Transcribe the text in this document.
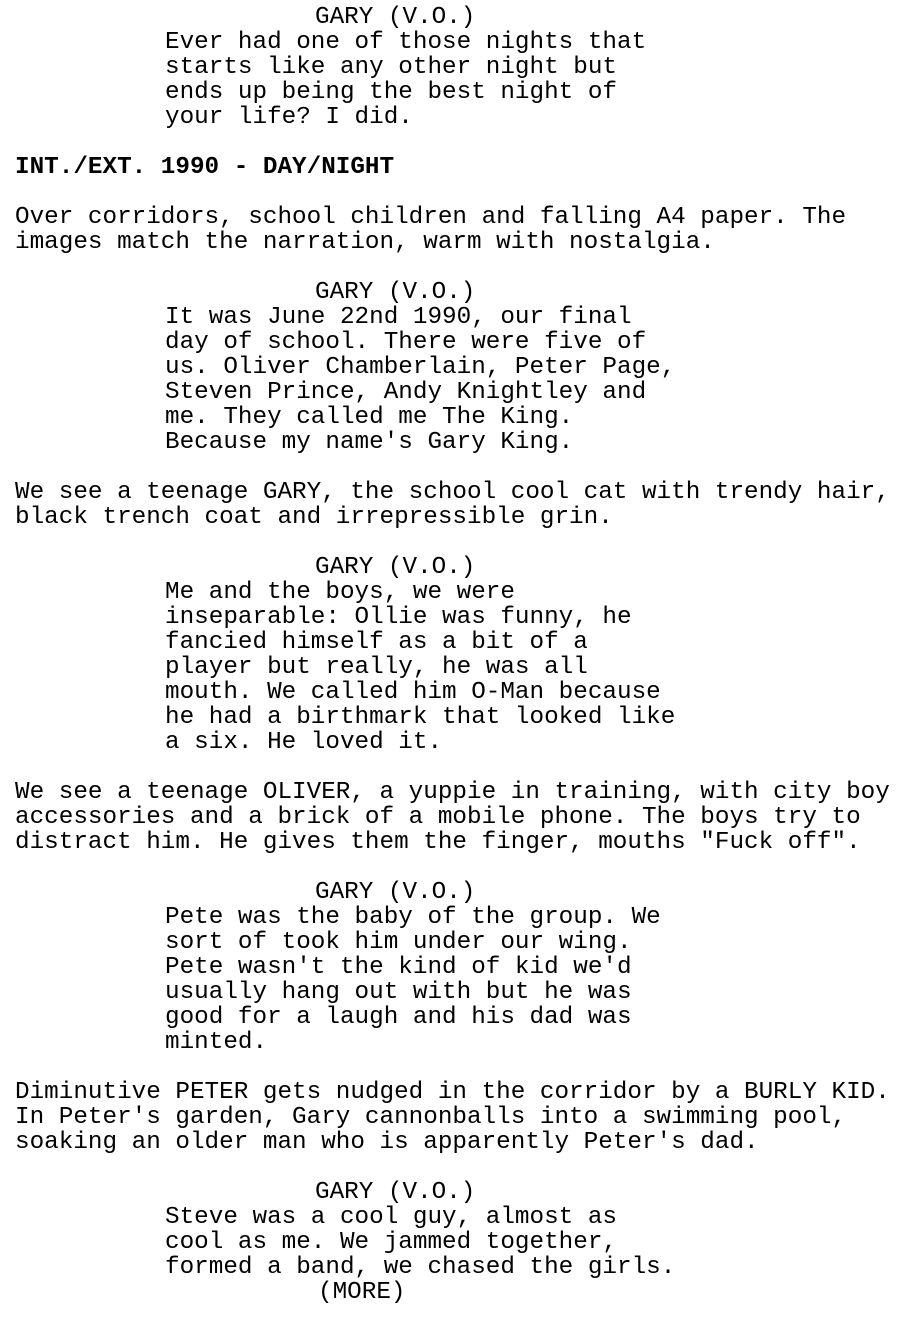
GARY (V.O.)
Ever had one of those nights that
starts like any other night but
ends up being the best night of
your life? I did.
INT./EXT. 1990 - DAY/NIGHT
Over corridors, school children and falling A4 paper. The
images match the narration, warm with nostalgia.
GARY (V.O.)
It was June 22nd 1990, our final
day of school. There were five of
us. Oliver Chamberlain, Peter Page,
Steven Prince, Andy Knightley and
me. They called me The King.
Because my name's Gary King.
We see a teenage GARY, the school cool cat with trendy hair,
black trench coat and irrepressible grin.
GARY (V.O.)
Me and the boys, we were
inseparable: Ollie was funny, he
fancied himself as a bit of a
player but really, he was all
mouth. We called him O-Man because
he had a birthmark that looked like
a six. He loved it.
We see a teenage OLIVER, a yuppie in training, with city boy
accessories and a brick of a mobile phone. The boys try to
distract him. He gives them the finger, mouths "Fuck off".
GARY (V.O.)
Pete was the baby of the group. We
sort of took him under our wing.
Pete wasn't the kind of kid we'd
usually hang out with but he was
good for a laugh and his dad was
minted.
Diminutive PETER gets nudged in the corridor by a BURLY KID.
In Peter's garden, Gary cannonballs into a swimming pool,
soaking an older man who is apparently Peter's dad.
GARY (V.O.)
Steve was a cool guy, almost as
cool as me. We jammed together,
formed a band, we chased the girls.
(MORE)
